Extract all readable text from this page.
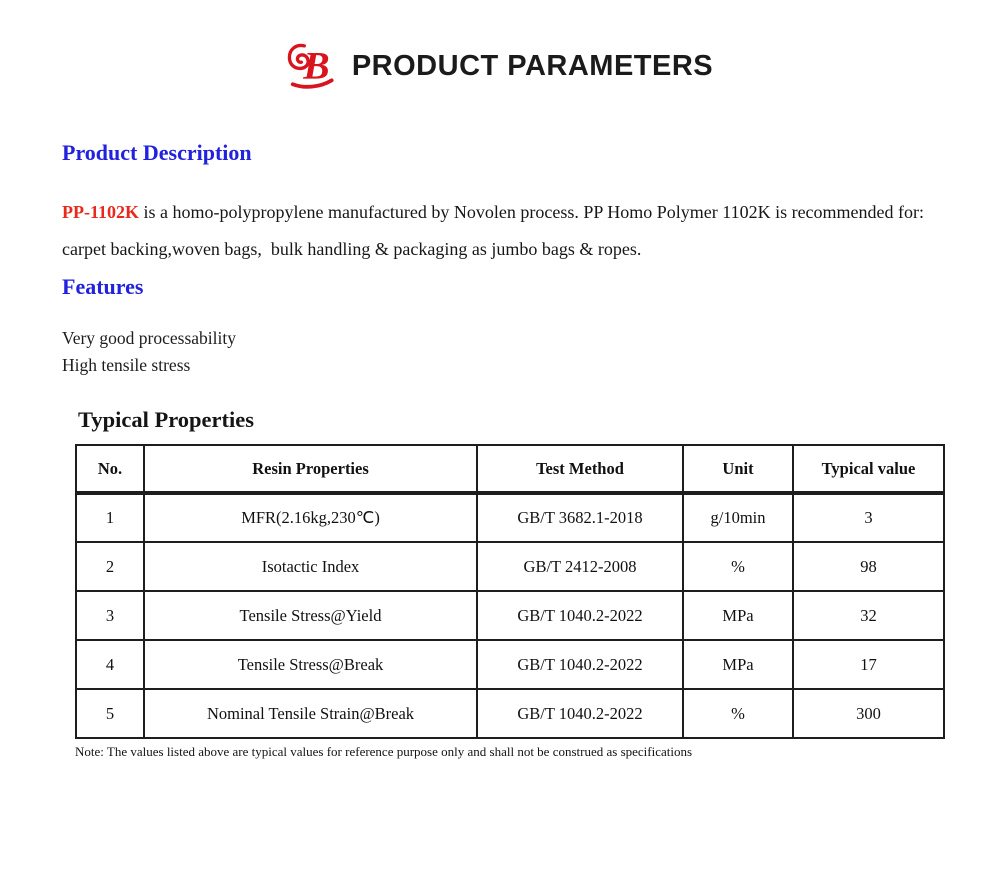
B PRODUCT PARAMETERS
Product Description
PP-1102K is a homo-polypropylene manufactured by Novolen process. PP Homo Polymer 1102K is recommended for: carpet backing,woven bags,  bulk handling & packaging as jumbo bags & ropes.
Features
Very good processability
High tensile stress
Typical Properties
No.	Resin Properties	Test Method	Unit	Typical value
1	MFR(2.16kg,230℃)	GB/T 3682.1-2018	g/10min	3
2	Isotactic Index	GB/T 2412-2008	%	98
3	Tensile Stress@Yield	GB/T 1040.2-2022	MPa	32
4	Tensile Stress@Break	GB/T 1040.2-2022	MPa	17
5	Nominal Tensile Strain@Break	GB/T 1040.2-2022	%	300
Note: The values listed above are typical values for reference purpose only and shall not be construed as specifications
